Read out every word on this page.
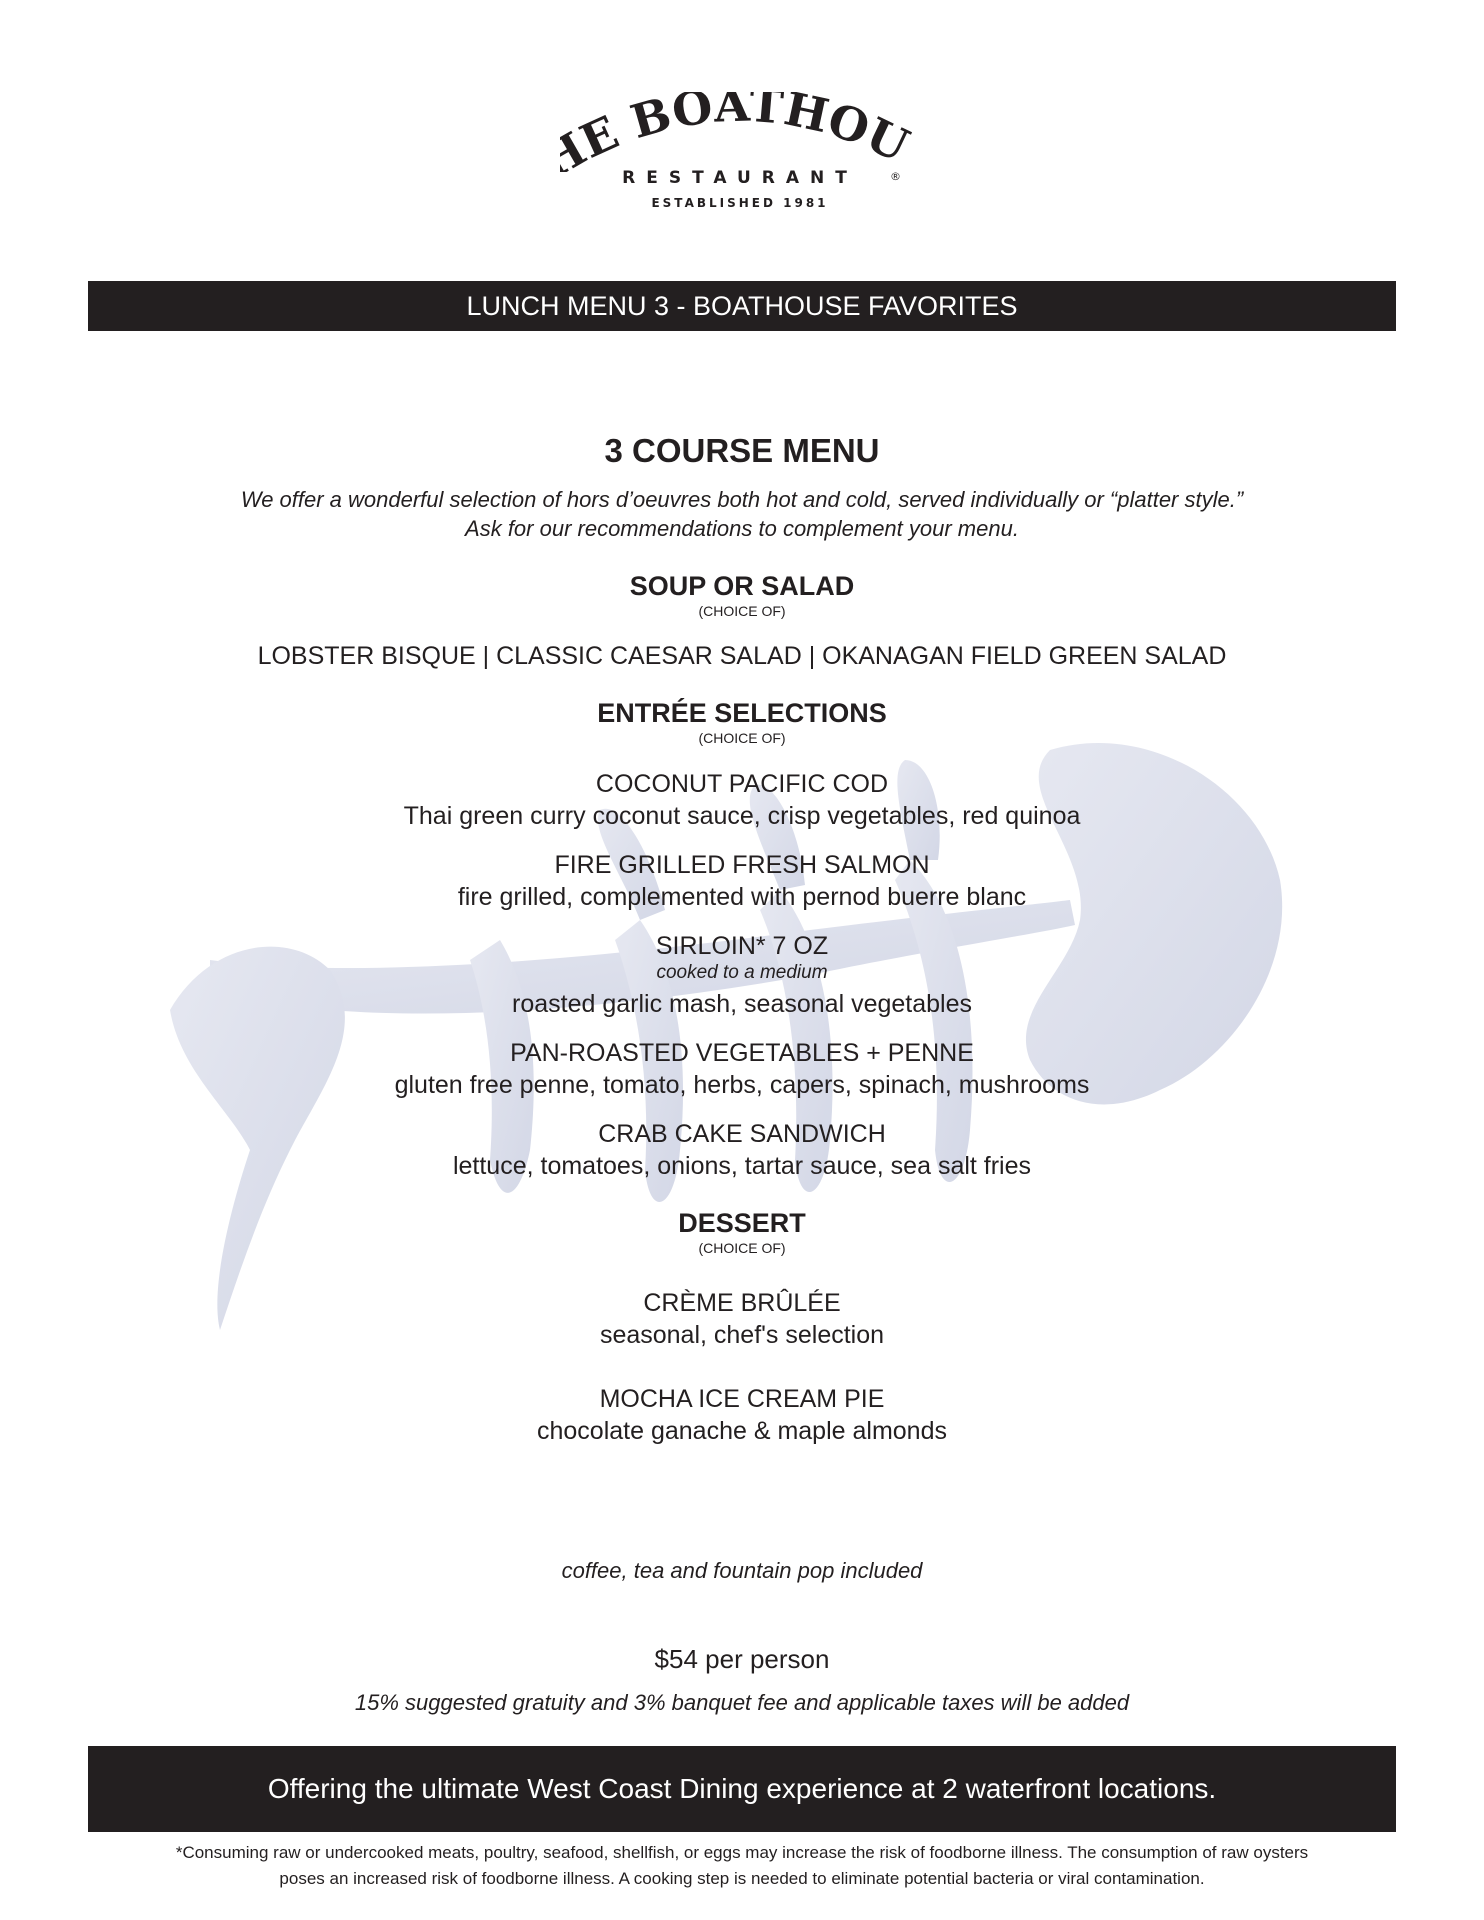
E BOATHOU
RESTAURANT	®
ESTABLISHED 1981
LUNCH MENU 3 - BOATHOUSE FAVORITES
3 COURSE MENU
We offer a wonderful selection of hors d’oeuvres both hot and cold, served individually or “platter style.”
Ask for our recommendations to complement your menu.
SOUP OR SALAD
(CHOICE OF)
LOBSTER BISQUE | CLASSIC CAESAR SALAD | OKANAGAN FIELD GREEN SALAD
ENTRÉE SELECTIONS
(CHOICE OF)
COCONUT PACIFIC COD
Thai green curry coconut sauce, crisp vegetables, red quinoa
FIRE GRILLED FRESH SALMON
fire grilled, complemented with pernod buerre blanc
SIRLOIN* 7 OZ
cooked to a medium
roasted garlic mash, seasonal vegetables
PAN-ROASTED VEGETABLES + PENNE
gluten free penne, tomato, herbs, capers, spinach, mushrooms
CRAB CAKE SANDWICH
lettuce, tomatoes, onions, tartar sauce, sea salt fries
DESSERT
(CHOICE OF)
CRÈME BRÛLÉE
seasonal, chef's selection
MOCHA ICE CREAM PIE
chocolate ganache & maple almonds
coffee, tea and fountain pop included
$54 per person
15% suggested gratuity and 3% banquet fee and applicable taxes will be added
Offering the ultimate West Coast Dining experience at 2 waterfront locations.
*Consuming raw or undercooked meats, poultry, seafood, shellfish, or eggs may increase the risk of foodborne illness. The consumption of raw oysters
poses an increased risk of foodborne illness. A cooking step is needed to eliminate potential bacteria or viral contamination.
